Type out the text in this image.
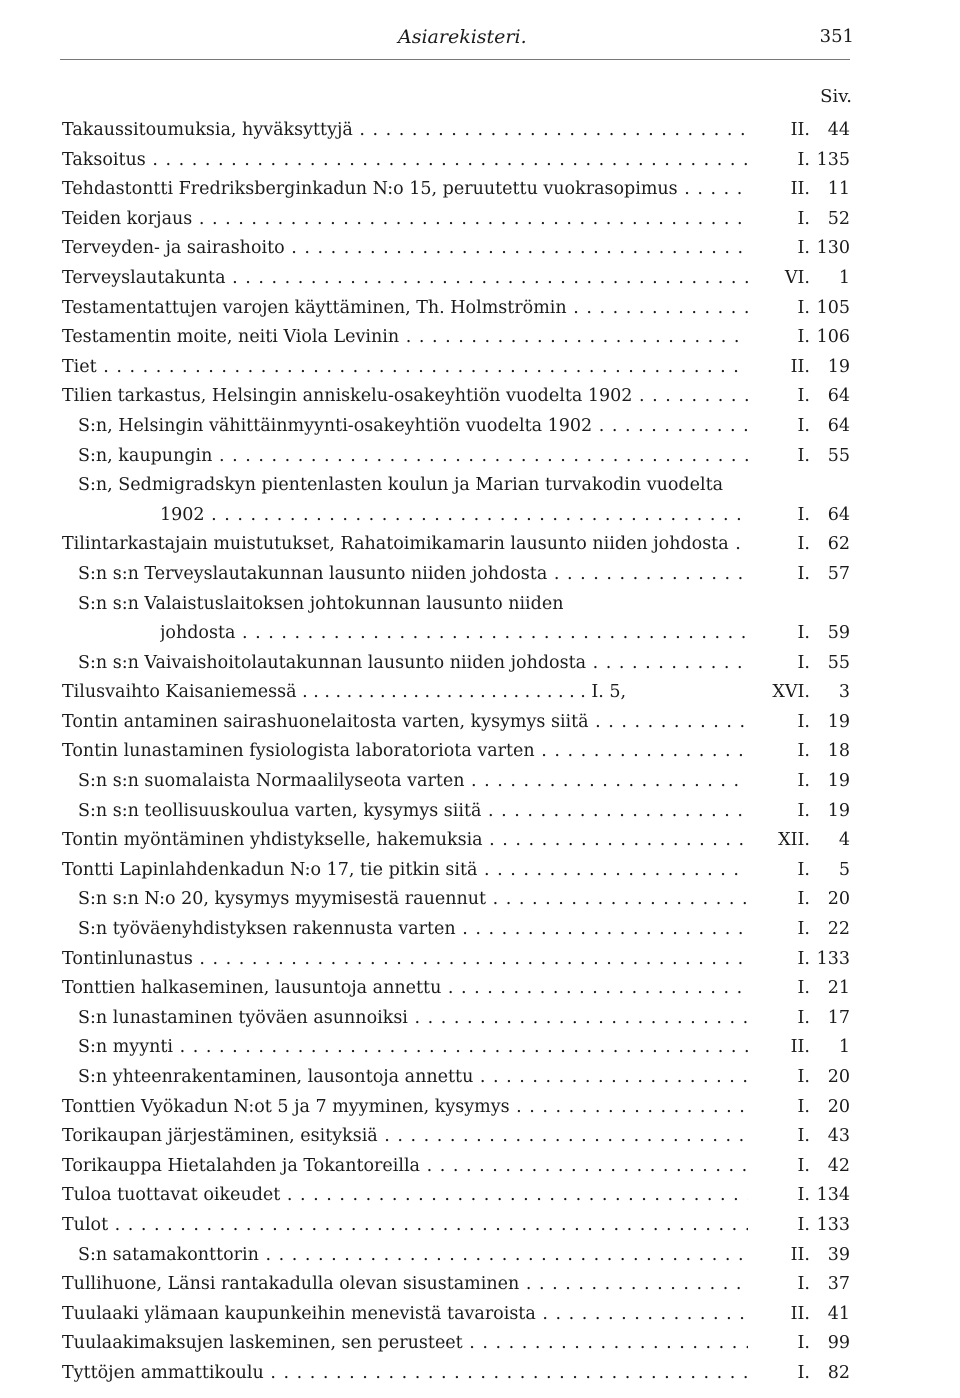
Asiarekisteri.	351
Siv.
Takaussitoumuksia, hyväksyttyjä . . .	II.	44
Taksoitus . . .	I. 135
Tehdastontti Fredriksberginkadun N:o 15, peruutettu vuokrasopimus . . .	II.	11
Teiden korjaus . . .	I.	52
Terveyden- ja sairashoito . . .	I. 130
Terveyslautakunta . . .	VI.	1
Testamentattujen varojen käyttäminen, Th. Holmströmin . . .	I. 105
Testamentin moite, neiti Viola Levinin . . .	I. 106
Tiet . . .	II.	19
Tilien tarkastus, Helsingin anniskelu-osakeyhtiön vuodelta 1902 . . .	I.	64
S:n, Helsingin vähittäinmyynti-osakeyhtiön vuodelta 1902 . . .	I.	64
S:n, kaupungin . . .	I.	55
S:n, Sedmigradskyn pientenlasten koulun ja Marian turvakodin vuodelta
1902 . . .	I.	64
Tilintarkastajain muistutukset, Rahatoimikamarin lausunto niiden johdosta . . .	I.	62
S:n s:n Terveyslautakunnan lausunto niiden johdosta . . .	I.	57
S:n s:n Valaistuslaitoksen johtokunnan lausunto niiden
johdosta . . .	I.	59
S:n s:n Vaivaishoitolautakunnan lausunto niiden johdosta . . .	I.	55
Tilusvaihto Kaisaniemessä . . . . . . . . . . . . . . . . . . . . . . . . . . I. 5,	XVI.	3
Tontin antaminen sairashuonelaitosta varten, kysymys siitä . . .	I.	19
Tontin lunastaminen fysiologista laboratoriota varten . . .	I.	18
S:n s:n suomalaista Normaalilyseota varten . . .	I.	19
S:n s:n teollisuuskoulua varten, kysymys siitä . . .	I.	19
Tontin myöntäminen yhdistykselle, hakemuksia . . .	XII.	4
Tontti Lapinlahdenkadun N:o 17, tie pitkin sitä . . .	I.	5
S:n s:n N:o 20, kysymys myymisestä rauennut . . .	I.	20
S:n työväenyhdistyksen rakennusta varten . . .	I.	22
Tontinlunastus . . .	I. 133
Tonttien halkaseminen, lausuntoja annettu . . .	I.	21
S:n lunastaminen työväen asunnoiksi . . .	I.	17
S:n myynti . . .	II.	1
S:n yhteenrakentaminen, lausontoja annettu . . .	I.	20
Tonttien Vyökadun N:ot 5 ja 7 myyminen, kysymys . . .	I.	20
Torikaupan järjestäminen, esityksiä . . .	I.	43
Torikauppa Hietalahden ja Tokantoreilla . . .	I.	42
Tuloa tuottavat oikeudet . . .	I. 134
Tulot . . .	I. 133
S:n satamakonttorin . . .	II.	39
Tullihuone, Länsi rantakadulla olevan sisustaminen . . .	I.	37
Tuulaaki ylämaan kaupunkeihin menevistä tavaroista . . .	II.	41
Tuulaakimaksujen laskeminen, sen perusteet . . .	I.	99
Tyttöjen ammattikoulu . . .	I.	82
